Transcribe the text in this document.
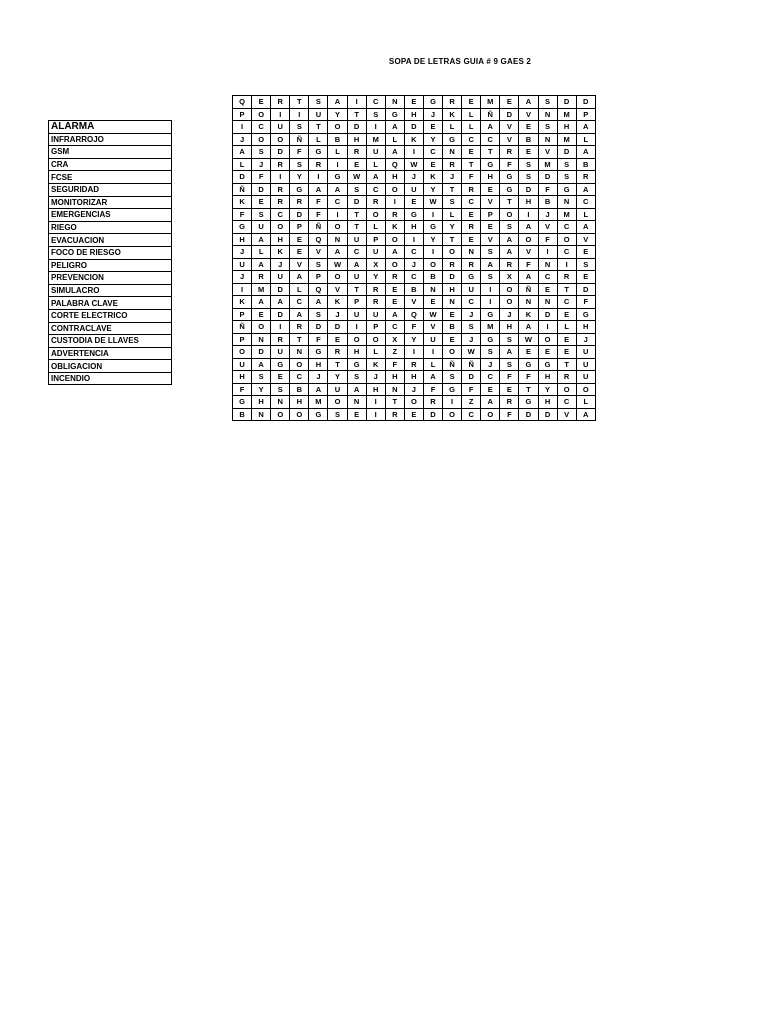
SOPA DE LETRAS GUIA # 9 GAES 2
ALARMA
INFRARROJO
GSM
CRA
FCSE
SEGURIDAD
MONITORIZAR
EMERGENCIAS
RIEGO
EVACUACION
FOCO DE RIESGO
PELIGRO
PREVENCION
SIMULACRO
PALABRA CLAVE
CORTE ELECTRICO
CONTRACLAVE
CUSTODIA DE LLAVES
ADVERTENCIA
OBLIGACION
INCENDIO
Q	E	R	T	S	A	I	C	N	E	G	R	E	M	E	A	S	D	D
P	O	I	I	U	Y	T	S	G	H	J	K	L	Ñ	D	V	N	M	P
I	C	U	S	T	O	D	I	A	D	E	L	L	A	V	E	S	H	A
J	O	O	Ñ	L	B	H	M	L	K	Y	G	C	C	V	B	N	M	L
A	S	D	F	G	L	R	U	A	I	C	N	E	T	R	E	V	D	A
L	J	R	S	R	I	E	L	Q	W	E	R	T	G	F	S	M	S	B
D	F	I	Y	I	G	W	A	H	J	K	J	F	H	G	S	D	S	R
Ñ	D	R	G	A	A	S	C	O	U	Y	T	R	E	G	D	F	G	A
K	E	R	R	F	C	D	R	I	E	W	S	C	V	T	H	B	N	C
F	S	C	D	F	I	T	O	R	G	I	L	E	P	O	I	J	M	L
G	U	O	P	Ñ	O	T	L	K	H	G	Y	R	E	S	A	V	C	A
H	A	H	E	Q	N	U	P	O	I	Y	T	E	V	A	O	F	O	V
J	L	K	E	V	A	C	U	A	C	I	O	N	S	A	V	I	C	E
U	A	J	V	S	W	A	X	O	J	O	R	R	A	R	F	N	I	S
J	R	U	A	P	O	U	Y	R	C	B	D	G	S	X	A	C	R	E
I	M	D	L	Q	V	T	R	E	B	N	H	U	I	O	Ñ	E	T	D
K	A	A	C	A	K	P	R	E	V	E	N	C	I	O	N	N	C	F
P	E	D	A	S	J	U	U	A	Q	W	E	J	G	J	K	D	E	G
Ñ	O	I	R	D	D	I	P	C	F	V	B	S	M	H	A	I	L	H
P	N	R	T	F	E	O	O	X	Y	U	E	J	G	S	W	O	E	J
O	D	U	N	G	R	H	L	Z	I	I	O	W	S	A	E	E	E	U
U	A	G	O	H	T	G	K	F	R	L	Ñ	Ñ	J	S	G	G	T	U
H	S	E	C	J	Y	S	J	H	H	A	S	D	C	F	F	H	R	U
F	Y	S	B	A	U	A	H	N	J	F	G	F	E	E	T	Y	O	O
G	H	N	H	M	O	N	I	T	O	R	I	Z	A	R	G	H	C	L
B	N	O	O	G	S	E	I	R	E	D	O	C	O	F	D	D	V	A
